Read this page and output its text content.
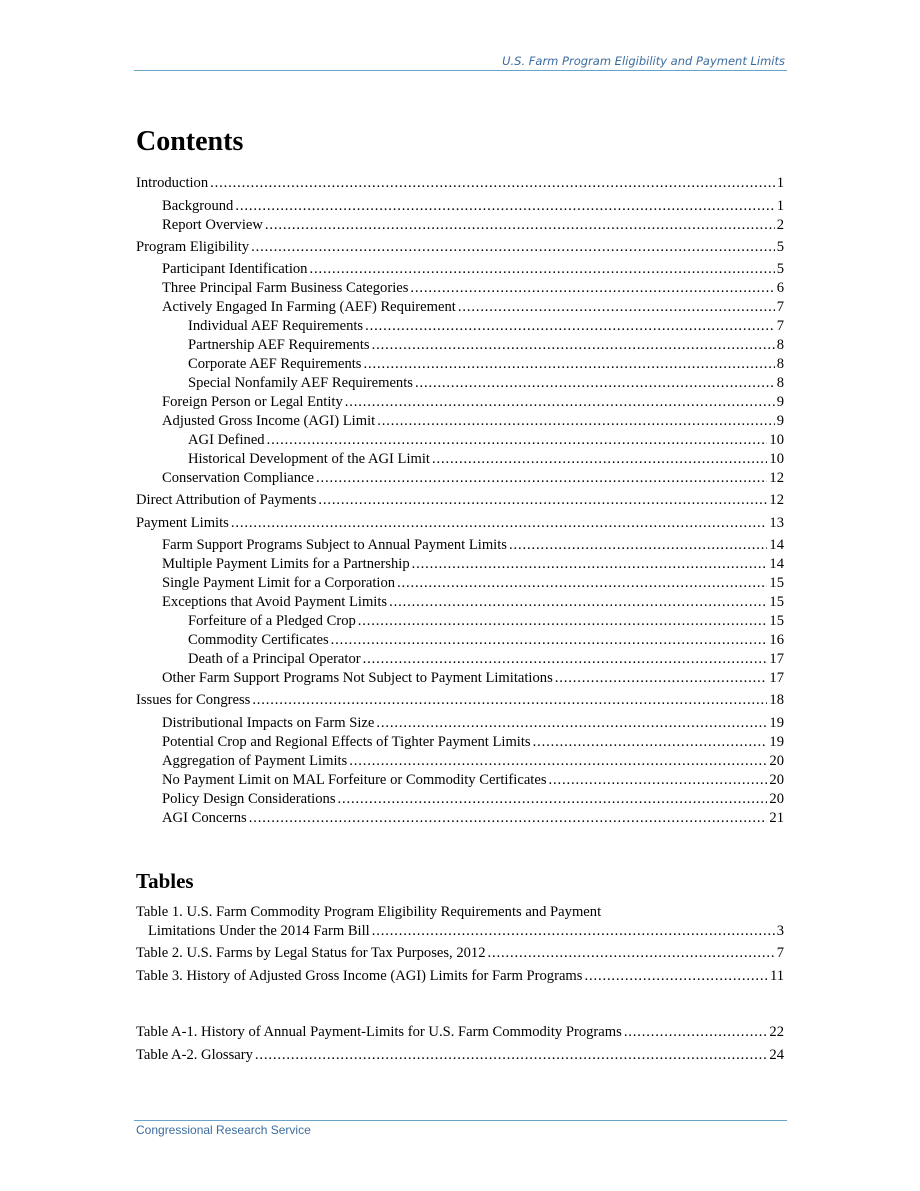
U.S. Farm Program Eligibility and Payment Limits
Contents
Introduction . . .	1
Background . . .	1
Report Overview . . .	2
Program Eligibility . . .	5
Participant Identification . . .	5
Three Principal Farm Business Categories . . .	6
Actively Engaged In Farming (AEF) Requirement . . .	7
Individual AEF Requirements . . .	7
Partnership AEF Requirements . . .	8
Corporate AEF Requirements . . .	8
Special Nonfamily AEF Requirements . . .	8
Foreign Person or Legal Entity . . .	9
Adjusted Gross Income (AGI) Limit . . .	9
AGI Defined . . .	10
Historical Development of the AGI Limit . . .	10
Conservation Compliance . . .	12
Direct Attribution of Payments . . .	12
Payment Limits . . .	13
Farm Support Programs Subject to Annual Payment Limits . . .	14
Multiple Payment Limits for a Partnership . . .	14
Single Payment Limit for a Corporation . . .	15
Exceptions that Avoid Payment Limits . . .	15
Forfeiture of a Pledged Crop . . .	15
Commodity Certificates . . .	16
Death of a Principal Operator . . .	17
Other Farm Support Programs Not Subject to Payment Limitations . . .	17
Issues for Congress . . .	18
Distributional Impacts on Farm Size . . .	19
Potential Crop and Regional Effects of Tighter Payment Limits . . .	19
Aggregation of Payment Limits . . .	20
No Payment Limit on MAL Forfeiture or Commodity Certificates . . .	20
Policy Design Considerations . . .	20
AGI Concerns . . .	21
Tables
Table 1. U.S. Farm Commodity Program Eligibility Requirements and Payment
Limitations Under the 2014 Farm Bill . . .	3
Table 2. U.S. Farms by Legal Status for Tax Purposes, 2012 . . .	7
Table 3. History of Adjusted Gross Income (AGI) Limits for Farm Programs . . .	11
Table A-1. History of Annual Payment-Limits for U.S. Farm Commodity Programs . . .	22
Table A-2. Glossary . . .	24
Congressional Research Service
